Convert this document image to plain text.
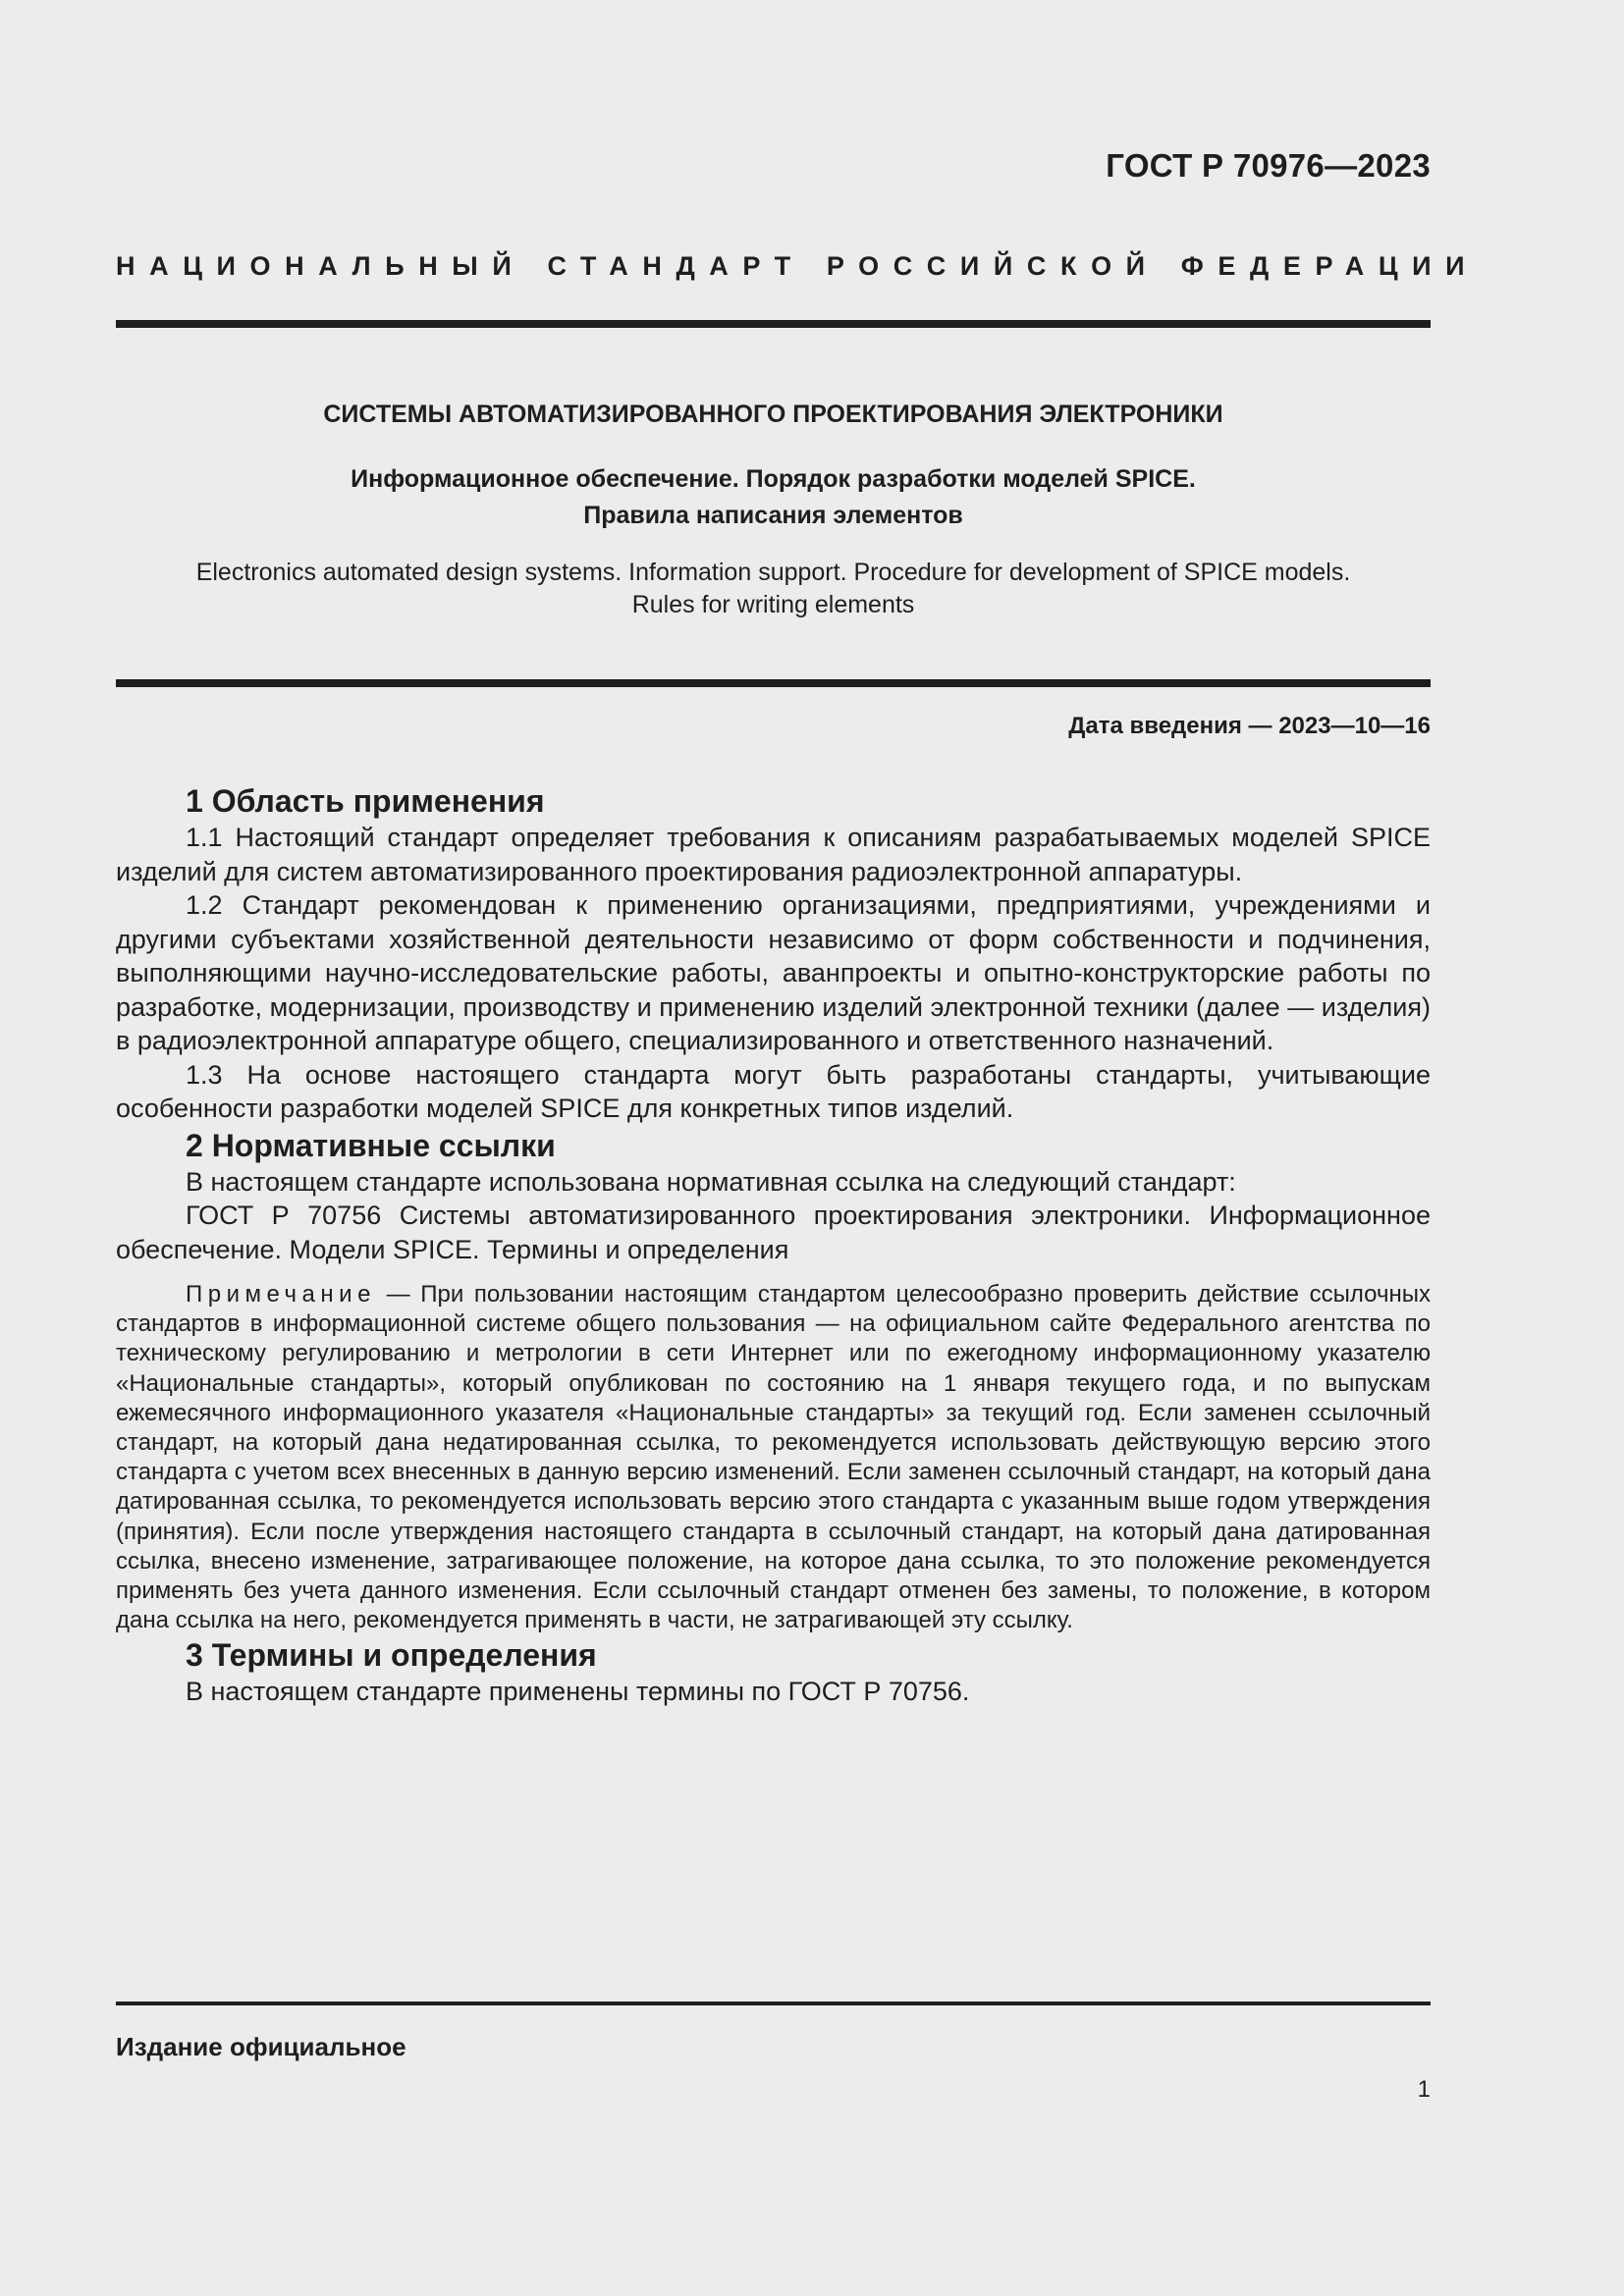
ГОСТ Р 70976—2023
НАЦИОНАЛЬНЫЙ СТАНДАРТ РОССИЙСКОЙ ФЕДЕРАЦИИ
СИСТЕМЫ АВТОМАТИЗИРОВАННОГО ПРОЕКТИРОВАНИЯ ЭЛЕКТРОНИКИ
Информационное обеспечение. Порядок разработки моделей SPICE.
Правила написания элементов
Electronics automated design systems. Information support. Procedure for development of SPICE models.
Rules for writing elements
Дата введения — 2023—10—16
1 Область применения

1.1 Настоящий стандарт определяет требования к описаниям разрабатываемых моделей SPICE изделий для систем автоматизированного проектирования радиоэлектронной аппаратуры.

1.2 Стандарт рекомендован к применению организациями, предприятиями, учреждениями и другими субъектами хозяйственной деятельности независимо от форм собственности и подчинения, выполняющими научно-исследовательские работы, аванпроекты и опытно-конструкторские работы по разработке, модернизации, производству и применению изделий электронной техники (далее — изделия) в радиоэлектронной аппаратуре общего, специализированного и ответственного назначений.

1.3 На основе настоящего стандарта могут быть разработаны стандарты, учитывающие особенности разработки моделей SPICE для конкретных типов изделий.

2 Нормативные ссылки

В настоящем стандарте использована нормативная ссылка на следующий стандарт:

ГОСТ Р 70756 Системы автоматизированного проектирования электроники. Информационное обеспечение. Модели SPICE. Термины и определения

Примечание — При пользовании настоящим стандартом целесообразно проверить действие ссылочных стандартов в информационной системе общего пользования — на официальном сайте Федерального агентства по техническому регулированию и метрологии в сети Интернет или по ежегодному информационному указателю «Национальные стандарты», который опубликован по состоянию на 1 января текущего года, и по выпускам ежемесячного информационного указателя «Национальные стандарты» за текущий год. Если заменен ссылочный стандарт, на который дана недатированная ссылка, то рекомендуется использовать действующую версию этого стандарта с учетом всех внесенных в данную версию изменений. Если заменен ссылочный стандарт, на который дана датированная ссылка, то рекомендуется использовать версию этого стандарта с указанным выше годом утверждения (принятия). Если после утверждения настоящего стандарта в ссылочный стандарт, на который дана датированная ссылка, внесено изменение, затрагивающее положение, на которое дана ссылка, то это положение рекомендуется применять без учета данного изменения. Если ссылочный стандарт отменен без замены, то положение, в котором дана ссылка на него, рекомендуется применять в части, не затрагивающей эту ссылку.

3 Термины и определения

В настоящем стандарте применены термины по ГОСТ Р 70756.

Издание официальное
1
